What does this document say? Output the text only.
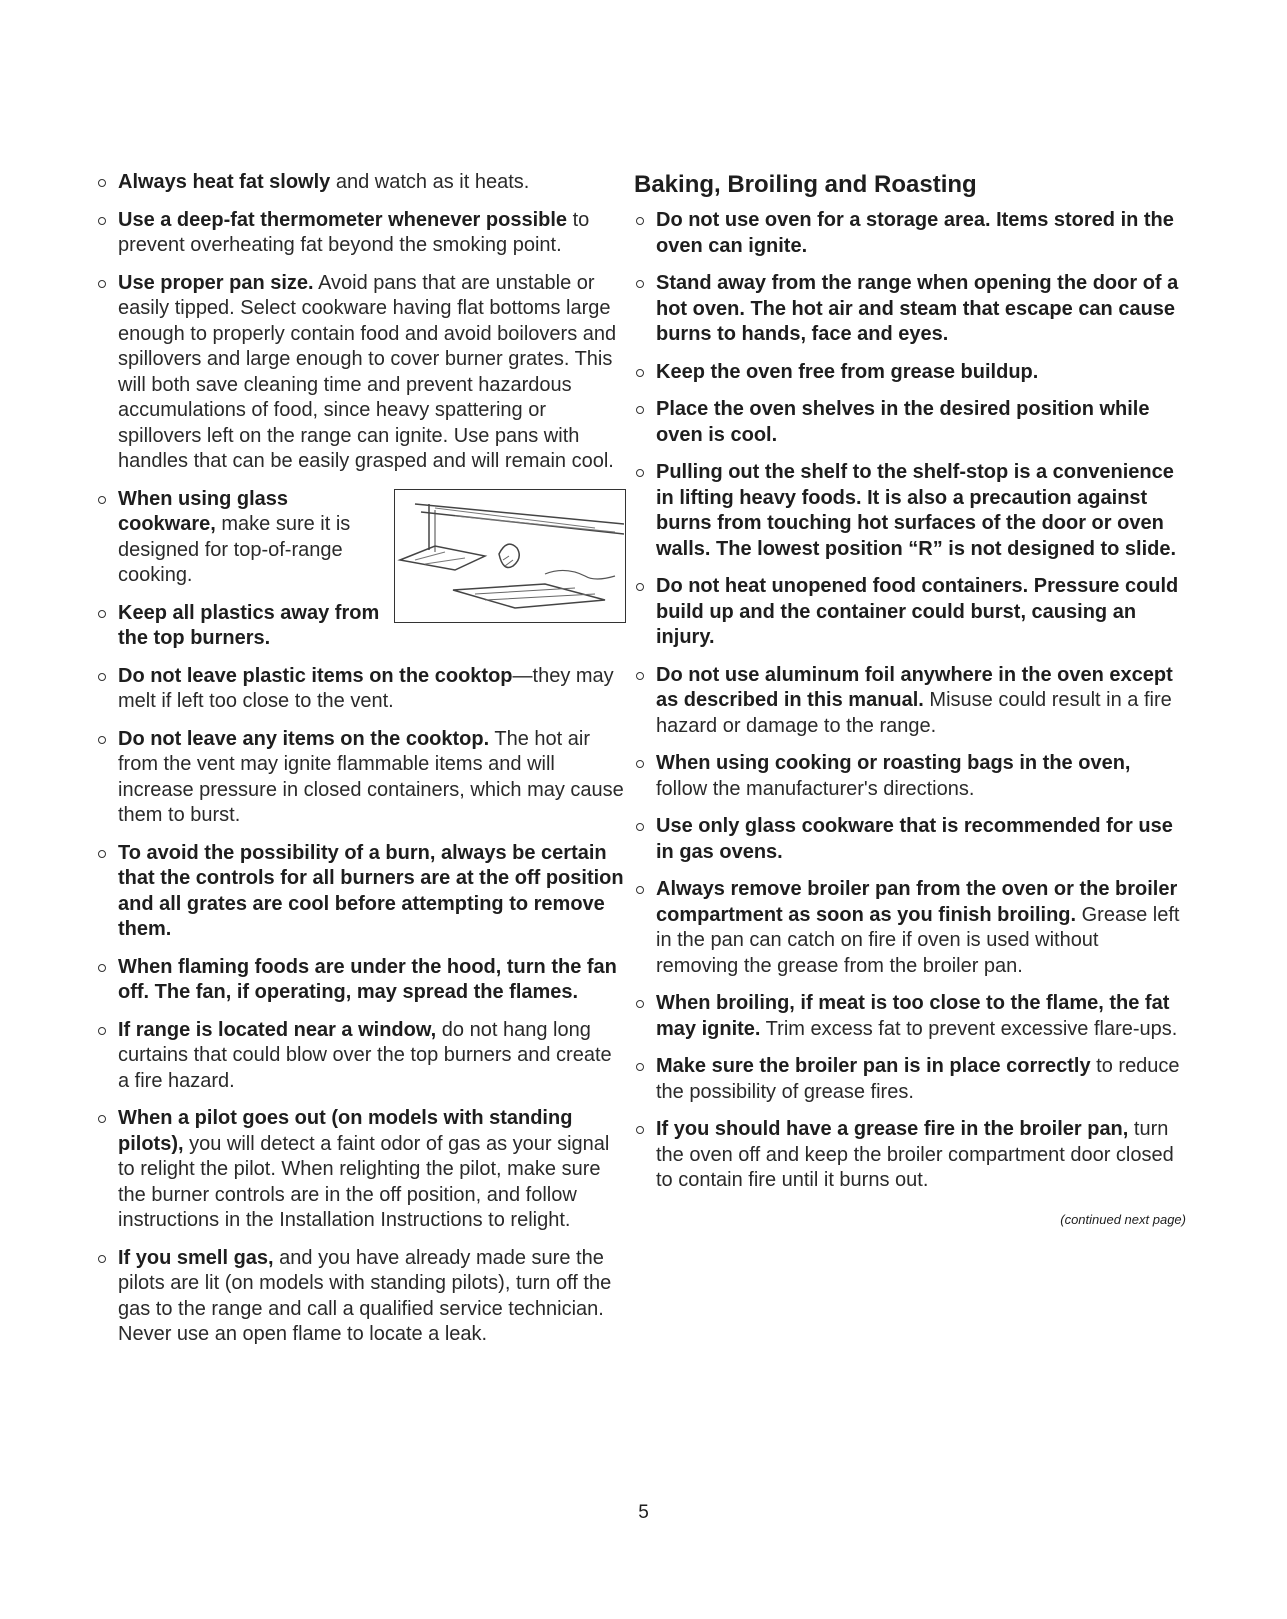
Always heat fat slowly and watch as it heats.
Use a deep-fat thermometer whenever possible to prevent overheating fat beyond the smoking point.
Use proper pan size. Avoid pans that are unstable or easily tipped. Select cookware having flat bottoms large enough to properly contain food and avoid boilovers and spillovers and large enough to cover burner grates. This will both save cleaning time and prevent hazardous accumulations of food, since heavy spattering or spillovers left on the range can ignite. Use pans with handles that can be easily grasped and will remain cool.
When using glass cookware, make sure it is designed for top-of-range cooking.
Keep all plastics away from the top burners.
Do not leave plastic items on the cooktop—they may melt if left too close to the vent.
Do not leave any items on the cooktop. The hot air from the vent may ignite flammable items and will increase pressure in closed containers, which may cause them to burst.
To avoid the possibility of a burn, always be certain that the controls for all burners are at the off position and all grates are cool before attempting to remove them.
When flaming foods are under the hood, turn the fan off. The fan, if operating, may spread the flames.
If range is located near a window, do not hang long curtains that could blow over the top burners and create a fire hazard.
When a pilot goes out (on models with standing pilots), you will detect a faint odor of gas as your signal to relight the pilot. When relighting the pilot, make sure the burner controls are in the off position, and follow instructions in the Installation Instructions to relight.
If you smell gas, and you have already made sure the pilots are lit (on models with standing pilots), turn off the gas to the range and call a qualified service technician. Never use an open flame to locate a leak.
Baking, Broiling and Roasting
Do not use oven for a storage area. Items stored in the oven can ignite.
Stand away from the range when opening the door of a hot oven. The hot air and steam that escape can cause burns to hands, face and eyes.
Keep the oven free from grease buildup.
Place the oven shelves in the desired position while oven is cool.
Pulling out the shelf to the shelf-stop is a convenience in lifting heavy foods. It is also a precaution against burns from touching hot surfaces of the door or oven walls. The lowest position “R” is not designed to slide.
Do not heat unopened food containers. Pressure could build up and the container could burst, causing an injury.
Do not use aluminum foil anywhere in the oven except as described in this manual. Misuse could result in a fire hazard or damage to the range.
When using cooking or roasting bags in the oven, follow the manufacturer's directions.
Use only glass cookware that is recommended for use in gas ovens.
Always remove broiler pan from the oven or the broiler compartment as soon as you finish broiling. Grease left in the pan can catch on fire if oven is used without removing the grease from the broiler pan.
When broiling, if meat is too close to the flame, the fat may ignite. Trim excess fat to prevent excessive flare-ups.
Make sure the broiler pan is in place correctly to reduce the possibility of grease fires.
If you should have a grease fire in the broiler pan, turn the oven off and keep the broiler compartment door closed to contain fire until it burns out.
(continued next page)
5
